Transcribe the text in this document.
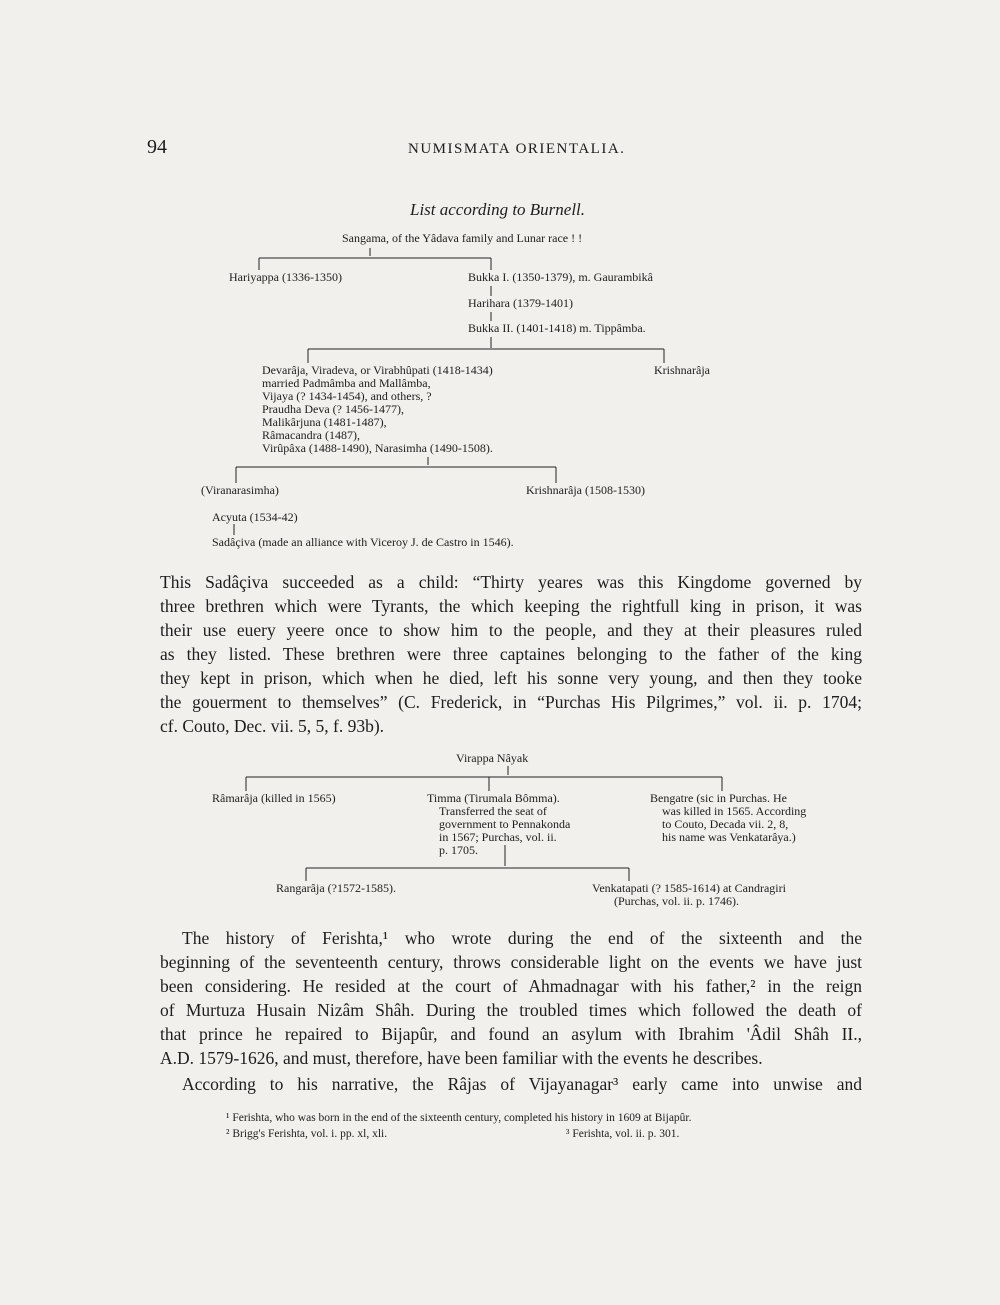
94	NUMISMATA ORIENTALIA.
List according to Burnell.
Sangama, of the Yâdava family and Lunar race ! !
Hariyappa (1336-1350)	Bukka I. (1350-1379), m. Gaurambikâ
Harihara (1379-1401)
Bukka II. (1401-1418) m. Tippâmba.
Devarâja, Viradeva, or Virabhûpati (1418-1434)
married Padmâmba and Mallâmba,
Vijaya (? 1434-1454), and others, ?
Praudha Deva (? 1456-1477),
Malikârjuna (1481-1487),
Râmacandra (1487),
Virûpâxa (1488-1490), Narasimha (1490-1508).
Krishnarâja
(Viranarasimha)	Krishnarâja (1508-1530)
Acyuta (1534-42)
Sadâçiva (made an alliance with Viceroy J. de Castro in 1546).
This Sadâçiva succeeded as a child: “Thirty yeares was this Kingdome governed by
three brethren which were Tyrants, the which keeping the rightfull king in prison, it was
their use euery yeere once to show him to the people, and they at their pleasures ruled
as they listed. These brethren were three captaines belonging to the father of the king
they kept in prison, which when he died, left his sonne very young, and then they tooke
the gouerment to themselves” (C. Frederick, in “Purchas His Pilgrimes,” vol. ii. p. 1704;
cf. Couto, Dec. vii. 5, 5, f. 93b).
Virappa Nâyak
Râmarâja (killed in 1565)	Timma (Tirumala Bômma).
Transferred the seat of
government to Pennakonda
in 1567; Purchas, vol. ii.
p. 1705.
Bengatre (sic in Purchas. He
was killed in 1565. According
to Couto, Decada vii. 2, 8,
his name was Venkatarâya.)
Rangarâja (?1572-1585).	Venkatapati (? 1585-1614) at Candragiri
(Purchas, vol. ii. p. 1746).
The history of Ferishta,¹ who wrote during the end of the sixteenth and the
beginning of the seventeenth century, throws considerable light on the events we have just
been considering. He resided at the court of Ahmadnagar with his father,² in the reign
of Murtuza Husain Nizâm Shâh. During the troubled times which followed the death of
that prince he repaired to Bijapûr, and found an asylum with Ibrahim 'Âdil Shâh II.,
A.D. 1579-1626, and must, therefore, have been familiar with the events he describes.
According to his narrative, the Râjas of Vijayanagar³ early came into unwise and
¹ Ferishta, who was born in the end of the sixteenth century, completed his history in 1609 at Bijapûr.
² Brigg's Ferishta, vol. i. pp. xl, xli.	³ Ferishta, vol. ii. p. 301.
